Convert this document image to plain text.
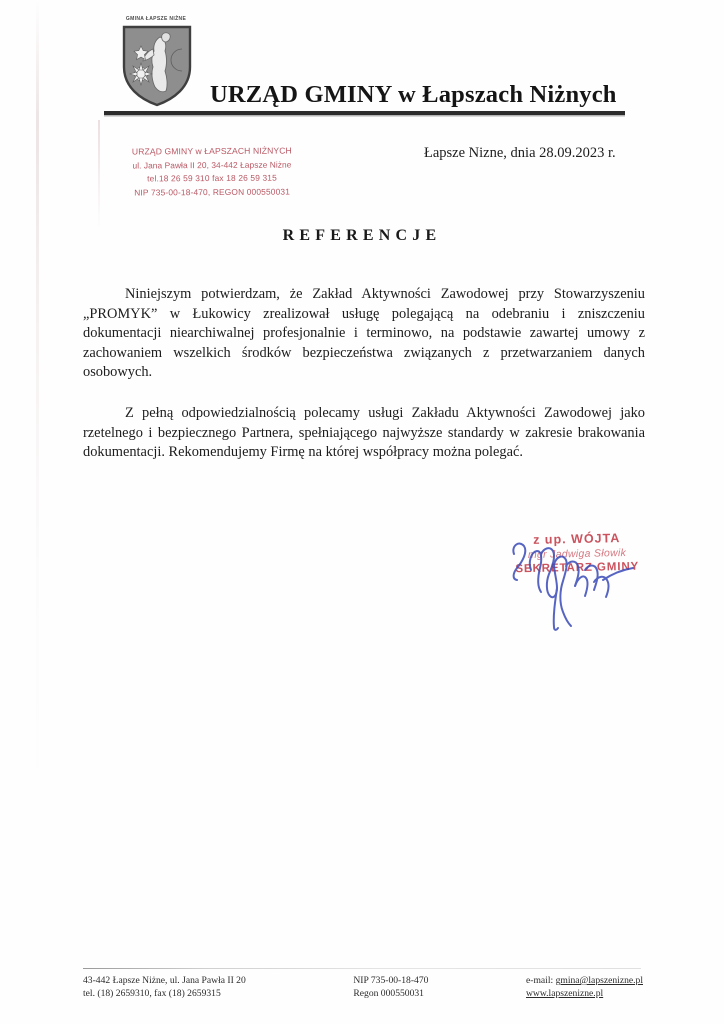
GMINA ŁAPSZE NIŻNE
URZĄD GMINY w Łapszach Niżnych
URZĄD GMINY w ŁAPSZACH NIŻNYCH
ul. Jana Pawła II 20, 34-442 Łapsze Niżne
tel.18 26 59 310 fax 18 26 59 315
NIP 735-00-18-470, REGON 000550031
Łapsze Nizne, dnia 28.09.2023 r.
REFERENCJE

Niniejszym potwierdzam, że Zakład Aktywności Zawodowej przy Stowarzyszeniu „PROMYK” w Łukowicy zrealizował usługę polegającą na odebraniu i zniszczeniu dokumentacji niearchiwalnej profesjonalnie i terminowo, na podstawie zawartej umowy z zachowaniem wszelkich środków bezpieczeństwa związanych z przetwarzaniem danych osobowych.

Z pełną odpowiedzialnością polecamy usługi Zakładu Aktywności Zawodowej jako rzetelnego i bezpiecznego Partnera, spełniającego najwyższe standardy w zakresie brakowania dokumentacji. Rekomendujemy Firmę na której współpracy można polegać.

z up. WÓJTA
mgr Jadwiga Słowik
SEKRETARZ GMINY
43-442 Łapsze Niżne, ul. Jana Pawła II 20
tel. (18) 2659310, fax (18) 2659315
NIP 735-00-18-470
Regon 000550031
e-mail: gmina@lapszenizne.pl
www.lapszenizne.pl
